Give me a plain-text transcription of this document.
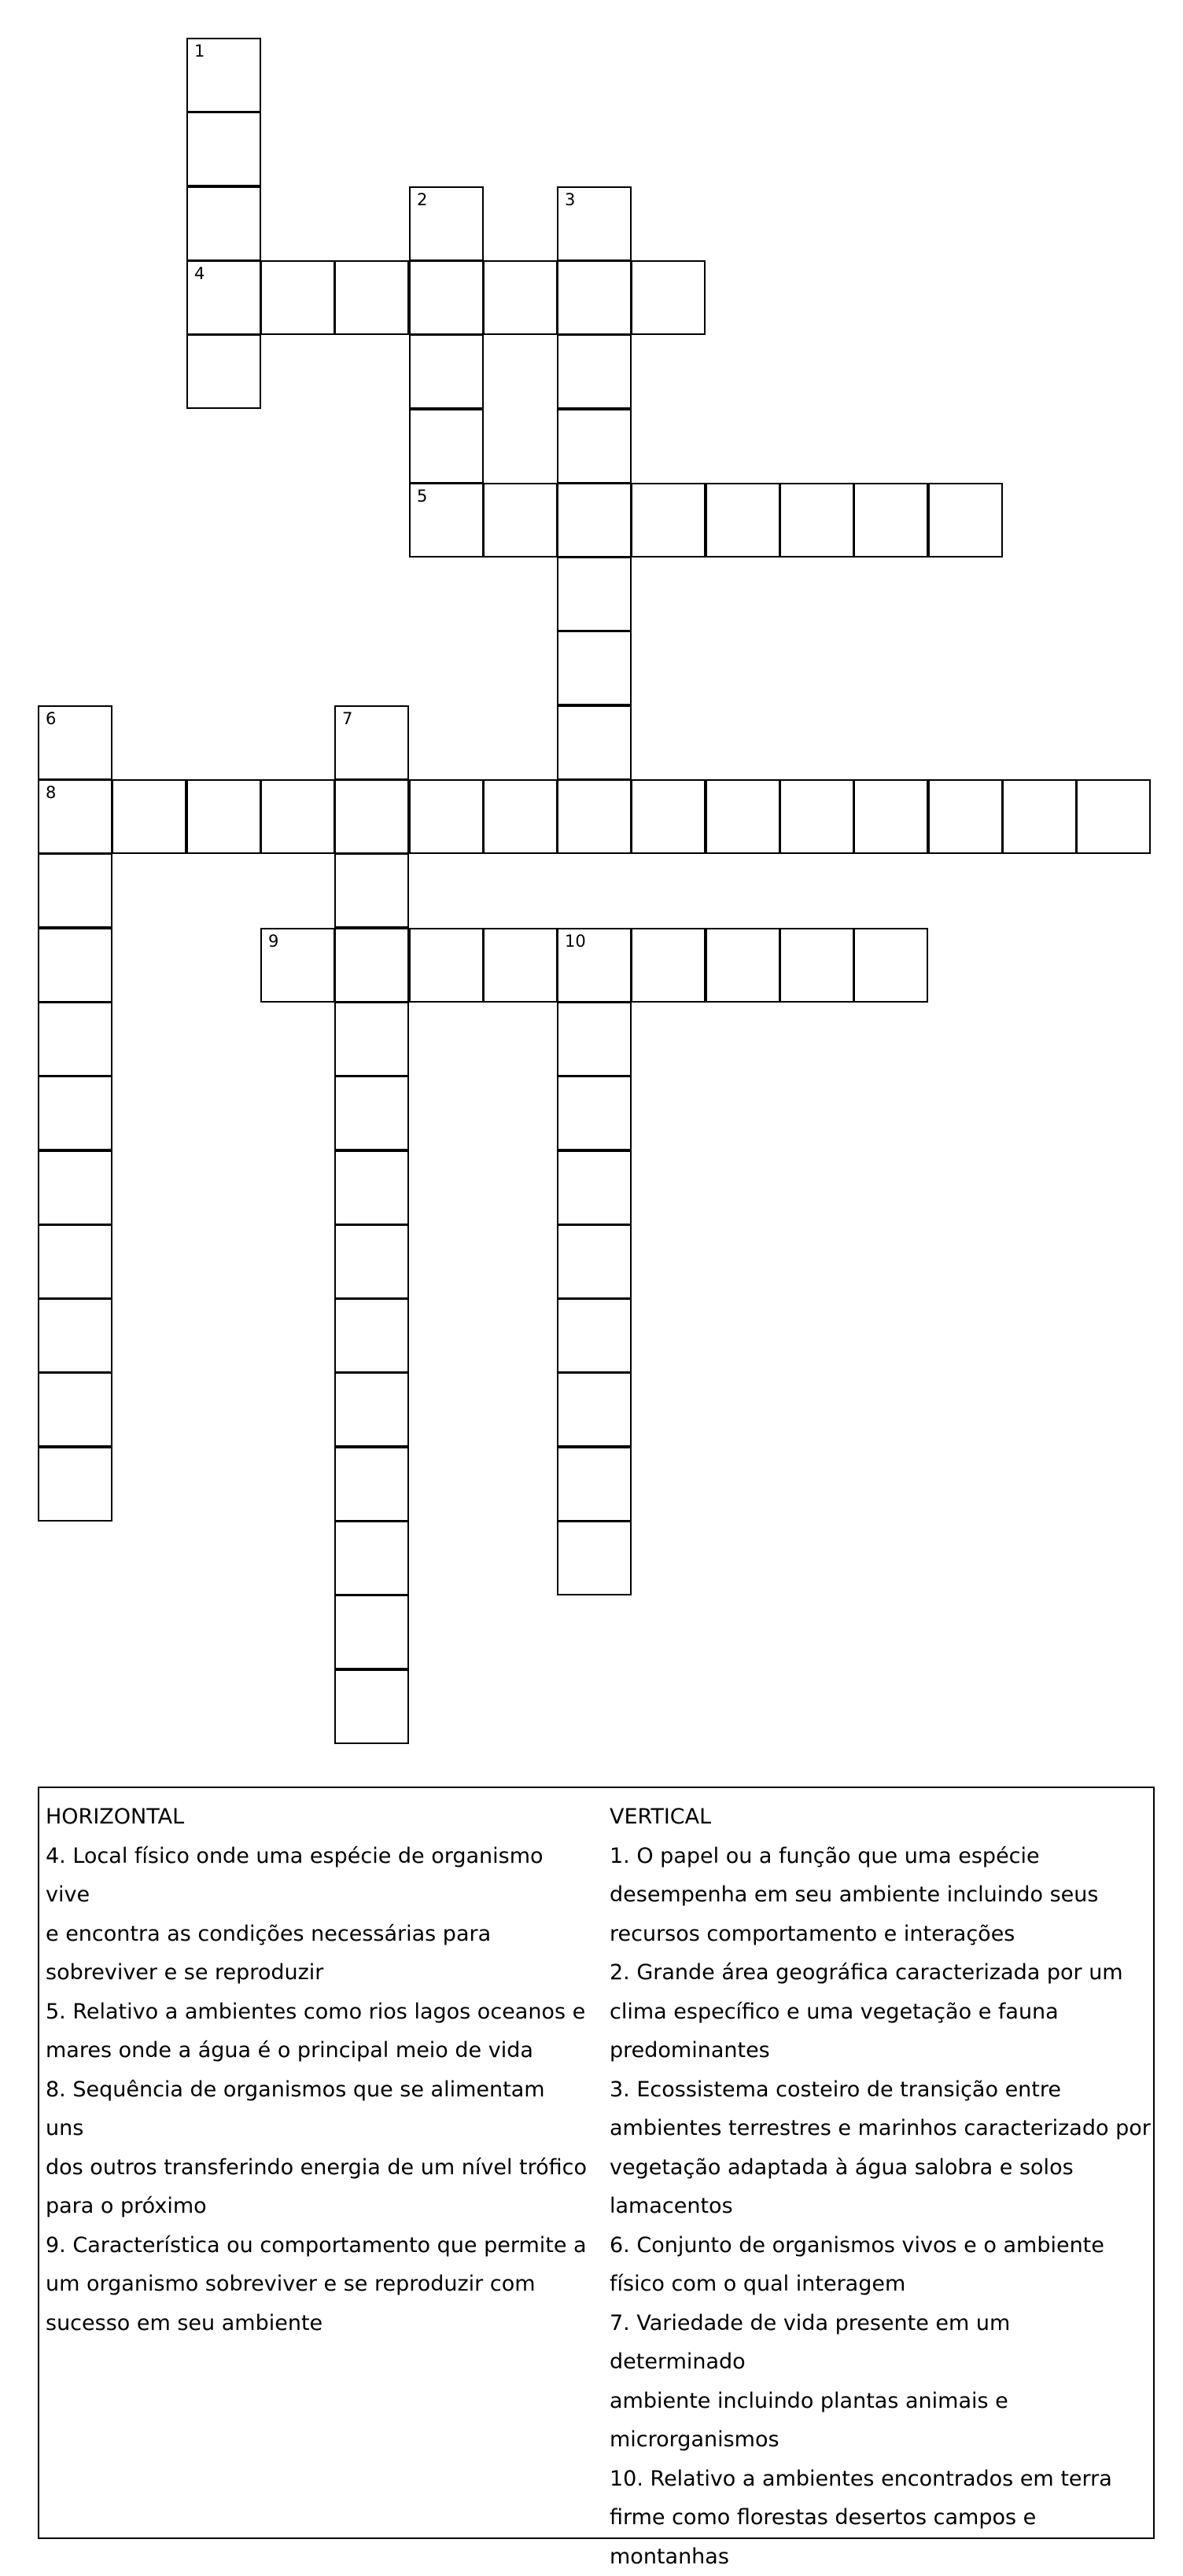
1
4
2
5
3
6
8
7
9	10

HORIZONTAL

4. Local físico onde uma espécie de organismo vive

e encontra as condições necessárias para

sobreviver e se reproduzir

5. Relativo a ambientes como rios lagos oceanos e

mares onde a água é o principal meio de vida

8. Sequência de organismos que se alimentam uns

dos outros transferindo energia de um nível trófico

para o próximo

9. Característica ou comportamento que permite a

um organismo sobreviver e se reproduzir com

sucesso em seu ambiente

VERTICAL

1. O papel ou a função que uma espécie

desempenha em seu ambiente incluindo seus

recursos comportamento e interações

2. Grande área geográfica caracterizada por um

clima específico e uma vegetação e fauna

predominantes

3. Ecossistema costeiro de transição entre

ambientes terrestres e marinhos caracterizado por

vegetação adaptada à água salobra e solos

lamacentos

6. Conjunto de organismos vivos e o ambiente

físico com o qual interagem

7. Variedade de vida presente em um determinado

ambiente incluindo plantas animais e

microrganismos

10. Relativo a ambientes encontrados em terra

firme como florestas desertos campos e montanhas
